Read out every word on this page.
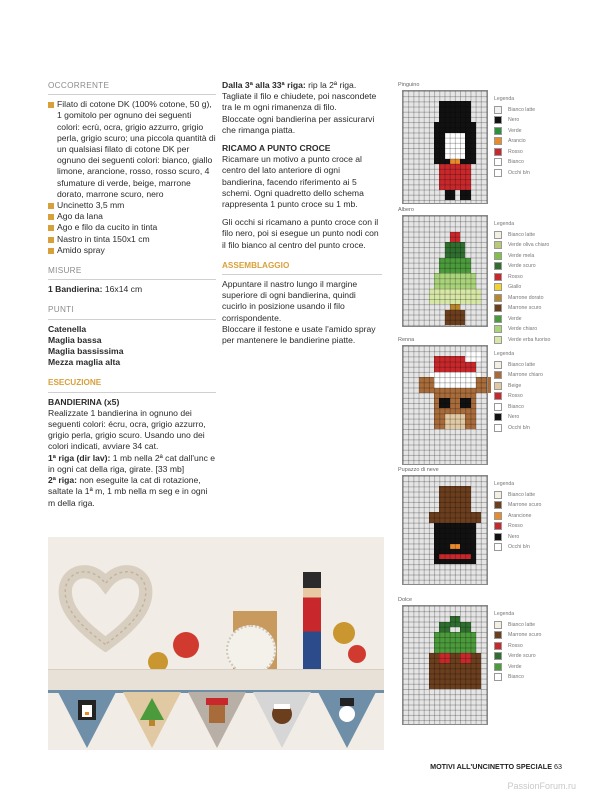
OCCORRENTE
Filato di cotone DK (100% cotone, 50 g), 1 gomitolo per ognuno dei seguenti colori: ecrù, ocra, grigio azzurro, grigio perla, grigio scuro; una piccola quantità di un qualsiasi filato di cotone DK per ognuno dei seguenti colori: bianco, giallo limone, arancione, rosso, rosso scuro, 4 sfumature di verde, beige, marrone dorato, marrone scuro, nero
Uncinetto 3,5 mm
Ago da lana
Ago e filo da cucito in tinta
Nastro in tinta 150x1 cm
Amido spray
MISURE
1 Bandierina: 16x14 cm
PUNTI
Catenella
Maglia bassa
Maglia bassissima
Mezza maglia alta
ESECUZIONE
BANDIERINA (x5)
Realizzate 1 bandierina in ognuno dei seguenti colori: écru, ocra, grigio azzurro, grigio perla, grigio scuro. Usando uno dei colori indicati, avviare 34 cat.
1ª riga (dir lav): 1 mb nella 2ª cat dall'unc e in ogni cat della riga, girate. [33 mb]
2ª riga: non eseguite la cat di rotazione, saltate la 1ª m, 1 mb nella m seg e in ogni m della riga.
Dalla 3ª alla 33ª riga: rip la 2ª riga. Tagliate il filo e chiudete, poi nascondete tra le m ogni rimanenza di filo.
Bloccate ogni bandierina per assicurarvi che rimanga piatta.
RICAMO A PUNTO CROCE
Ricamare un motivo a punto croce al centro del lato anteriore di ogni bandierina, facendo riferimento ai 5 schemi. Ogni quadretto dello schema rappresenta 1 punto croce su 1 mb.
Gli occhi si ricamano a punto croce con il filo nero, poi si esegue un punto nodi con il filo bianco al centro del punto croce.
ASSEMBLAGGIO
Appuntare il nastro lungo il margine superiore di ogni bandierina, quindi cucirlo in posizione usando il filo corrispondente.
Bloccare il festone e usate l'amido spray per mantenere le bandierine piatte.
Pinguino
Legenda
Bianco latte
Nero
Verde
Arancio
Rosso
Bianco
Occhi b/n
Albero
Legenda
Bianco latte
Verde oliva chiaro
Verde mela
Verde scuro
Rosso
Giallo
Marrone dorato
Marrone scuro
Verde
Verde chiaro
Verde erba fuoriso
Renna
Legenda
Bianco latte
Marrone chiaro
Beige
Rosso
Bianco
Nero
Occhi b/n
Pupazzo di neve
Legenda
Bianco latte
Marrone scuro
Arancione
Rosso
Nero
Occhi b/n
Dolce
Legenda
Bianco latte
Marrone scuro
Rosso
Verde scuro
Verde
Bianco
MOTIVI ALL'UNCINETTO SPECIALE 63
PassionForum.ru
